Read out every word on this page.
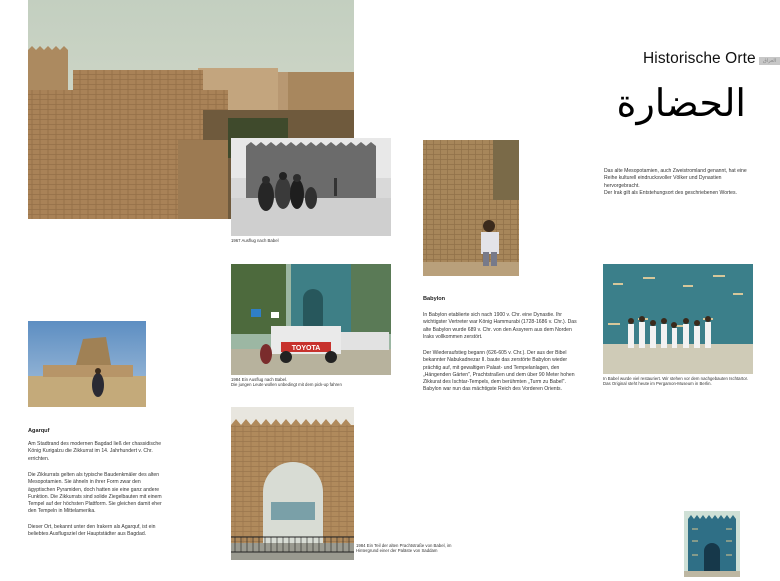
Historische Orte	ﺍﻟﻌﺮﺍﻕ
الحضارة
1967 Ausflug nach Babel

Das alte Mesopotamien, auch Zweistromland genannt, hat eine Reihe kulturell eindrucksvoller Völker und Dynastien hervorgebracht.

Der Irak gilt als Entstehungsort des geschriebenen Wortes.

TOYOTA
1984 Ein Ausflug nach Babel.
Die jungen Leute wollen unbedingt mit dem pick-up fahren
Babylon

In Babylon etablierte sich nach 1900 v. Chr. eine Dynastie. Ihr wichtigster Vertreter war König Hammurabi (1728-1686 v. Chr.). Das alte Babylon wurde 689 v. Chr. von den Assyrern aus dem Norden Iraks vollkommen zerstört.

Der Wiederaufstieg begann (626-605 v. Chr.). Der aus der Bibel bekannter Nabukadnezar II. baute das zerstörte Babylon wieder prächtig auf, mit gewaltigen Palast- und Tempelanlagen, den „Hängenden Gärten", Prachtstraßen und dem über 90 Meter hohen Zikkurat des Ischtar-Tempels, dem berühmten „Turm zu Babel". Babylon war nun das mächtigste Reich des Vorderen Orients.

In Babel wurde viel restauriert. Wir stehen vor dem nachgebauten Ischtartor.
Das Original steht heute im Pergamon-Museum in Berlin.
Agarquf

Am Stadtrand des modernen Bagdad ließ der chassidische König Kurigalzu die Zikkurrat im 14. Jahrhundert v. Chr. errichten.

Die Zikkurrats gelten als typische Baudenkmäler des alten Mesopotamien. Sie ähneln in ihrer Form zwar den ägyptischen Pyramiden, doch hatten sie eine ganz andere Funktion. Die Zikkurrats sind solide Ziegelbauten mit einem Tempel auf der höchsten Plattform. Sie gleichen damit eher den Tempeln in Mittelamerika.

Dieser Ort, bekannt unter den Irakern als Agarquf, ist ein beliebtes Ausflugsziel der Hauptstädter aus Bagdad.

1984 Ein Teil der alten Prachtstraße von Babel, im Hintergrund einer der Paläste von Saddam
